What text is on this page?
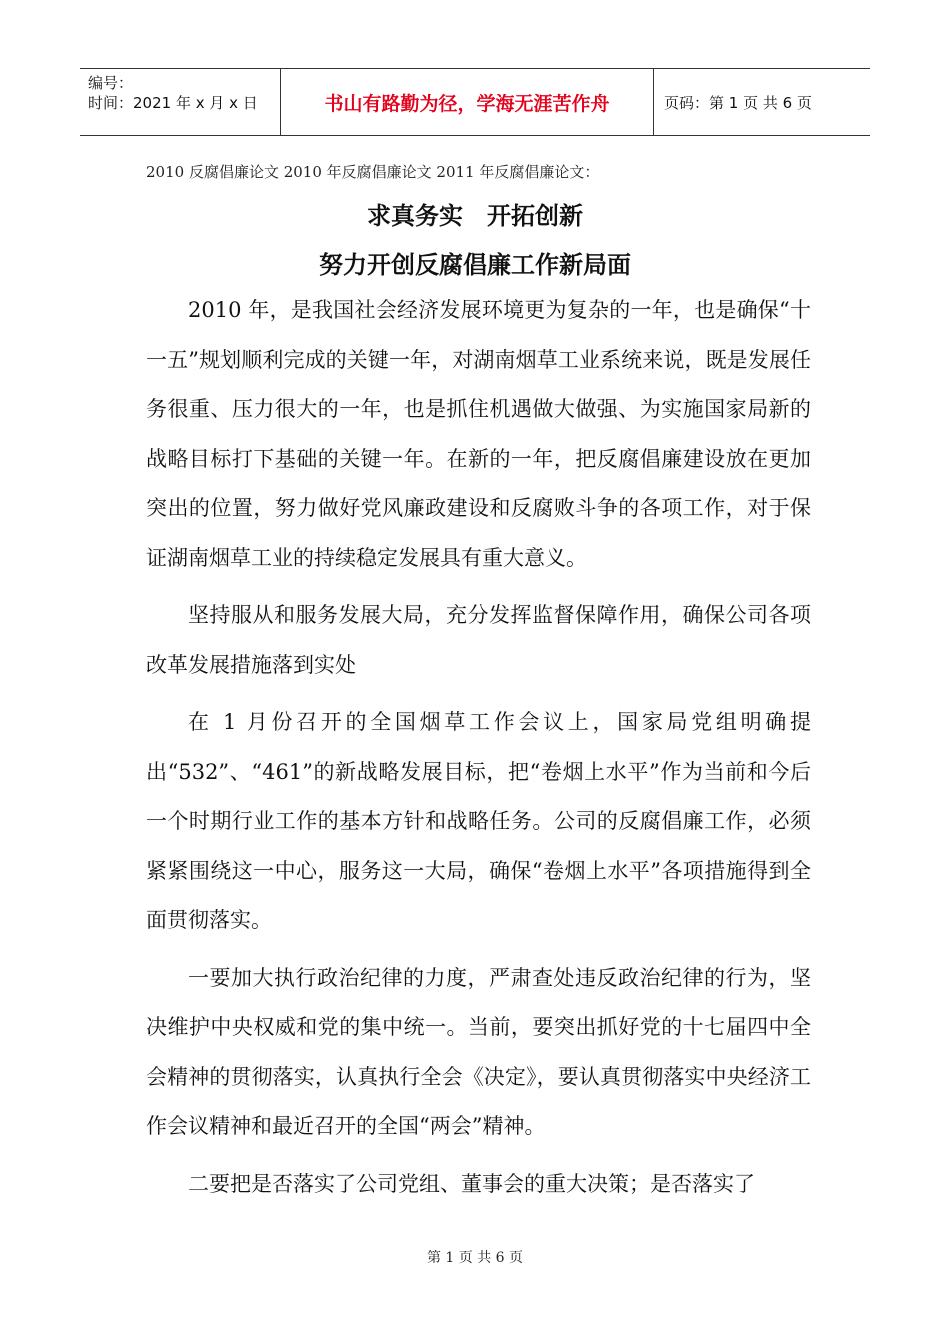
编号：
时间：2021 年 x 月 x 日	书山有路勤为径，学海无涯苦作舟	页码：第 1 页 共 6 页
2010 反腐倡廉论文 2010 年反腐倡廉论文 2011 年反腐倡廉论文：
求真务实　开拓创新
努力开创反腐倡廉工作新局面

2010 年，是我国社会经济发展环境更为复杂的一年，也是确保“十一五”规划顺利完成的关键一年，对湖南烟草工业系统来说，既是发展任务很重、压力很大的一年，也是抓住机遇做大做强、为实施国家局新的战略目标打下基础的关键一年。在新的一年，把反腐倡廉建设放在更加突出的位置，努力做好党风廉政建设和反腐败斗争的各项工作，对于保证湖南烟草工业的持续稳定发展具有重大意义。

坚持服从和服务发展大局，充分发挥监督保障作用，确保公司各项改革发展措施落到实处

在 1 月份召开的全国烟草工作会议上，国家局党组明确提出“532”、“461”的新战略发展目标，把“卷烟上水平”作为当前和今后一个时期行业工作的基本方针和战略任务。公司的反腐倡廉工作，必须紧紧围绕这一中心，服务这一大局，确保“卷烟上水平”各项措施得到全面贯彻落实。

一要加大执行政治纪律的力度，严肃查处违反政治纪律的行为，坚决维护中央权威和党的集中统一。当前，要突出抓好党的十七届四中全会精神的贯彻落实，认真执行全会《决定》，要认真贯彻落实中央经济工作会议精神和最近召开的全国“两会”精神。

二要把是否落实了公司党组、董事会的重大决策；是否落实了

第 1 页 共 6 页
